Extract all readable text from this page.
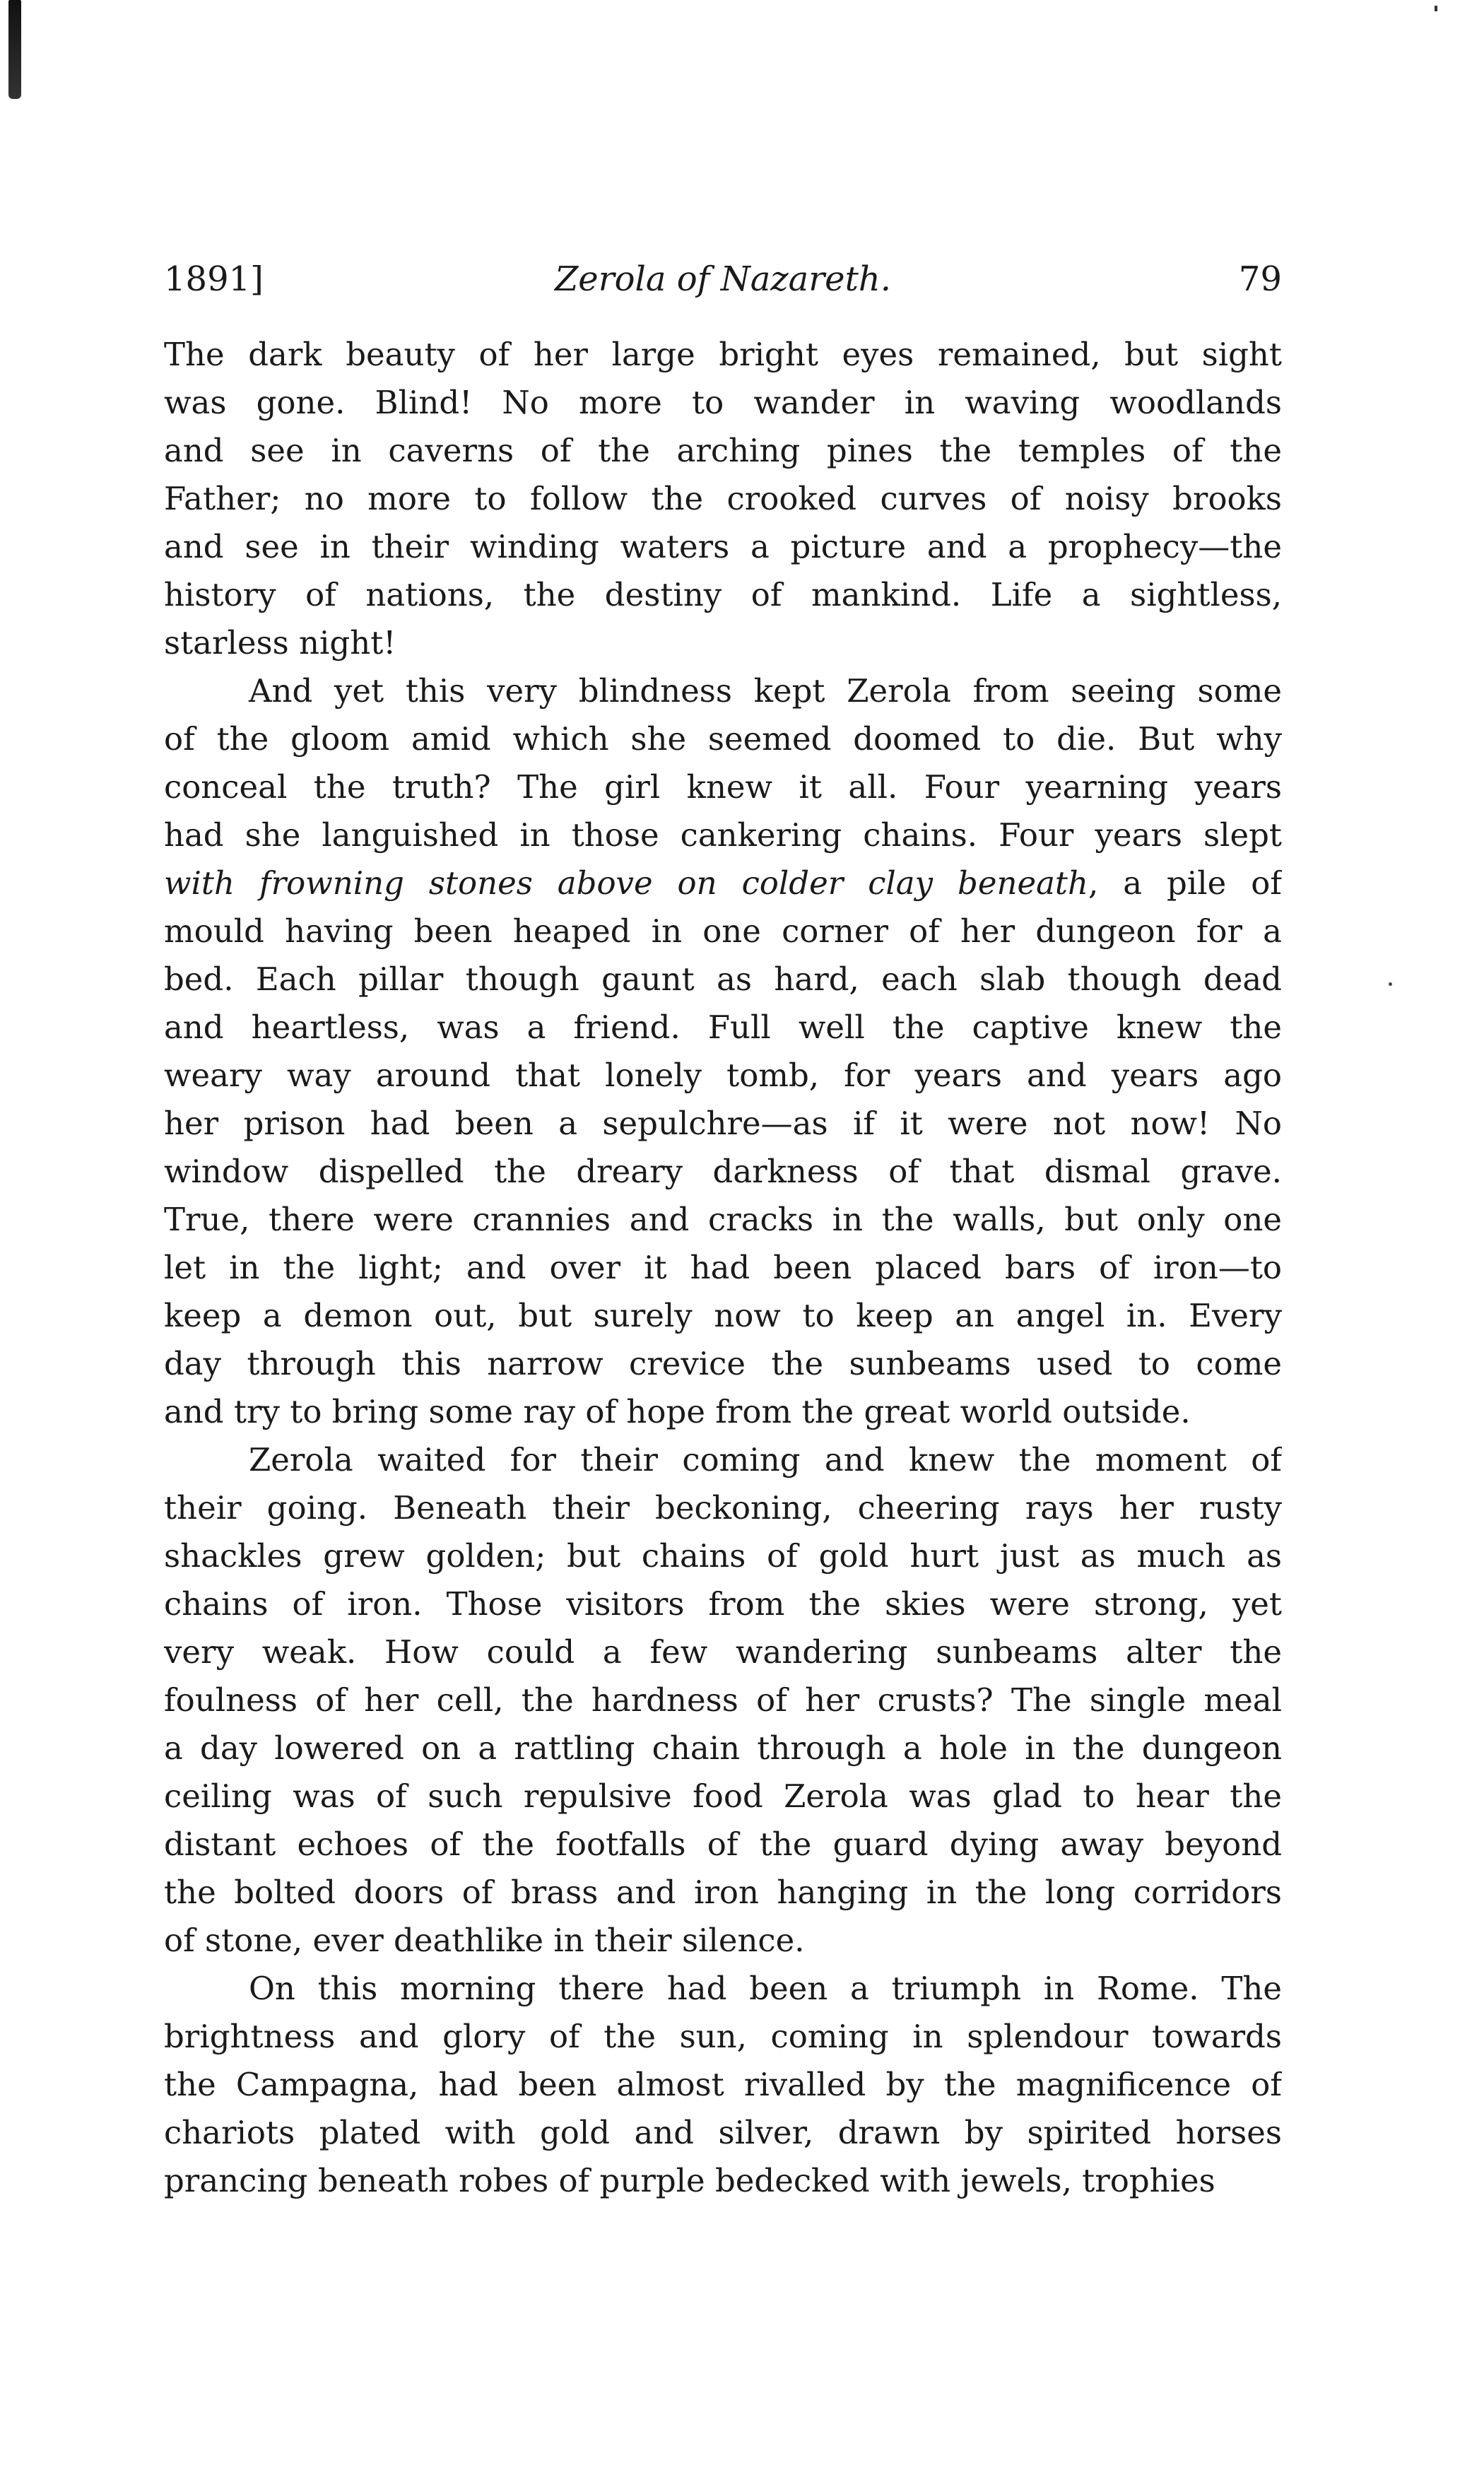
1891]	Zerola of Nazareth.	79
The dark beauty of her large bright eyes remained, but sight
was gone. Blind! No more to wander in waving woodlands
and see in caverns of the arching pines the temples of the
Father; no more to follow the crooked curves of noisy brooks
and see in their winding waters a picture and a prophecy—the
history of nations, the destiny of mankind. Life a sightless,
starless night!
And yet this very blindness kept Zerola from seeing some
of the gloom amid which she seemed doomed to die. But why
conceal the truth? The girl knew it all. Four yearning years
had she languished in those cankering chains. Four years slept
with frowning stones above on colder clay beneath, a pile of
mould having been heaped in one corner of her dungeon for a
bed. Each pillar though gaunt as hard, each slab though dead
and heartless, was a friend. Full well the captive knew the
weary way around that lonely tomb, for years and years ago
her prison had been a sepulchre—as if it were not now! No
window dispelled the dreary darkness of that dismal grave.
True, there were crannies and cracks in the walls, but only one
let in the light; and over it had been placed bars of iron—to
keep a demon out, but surely now to keep an angel in. Every
day through this narrow crevice the sunbeams used to come
and try to bring some ray of hope from the great world outside.
Zerola waited for their coming and knew the moment of
their going. Beneath their beckoning, cheering rays her rusty
shackles grew golden; but chains of gold hurt just as much as
chains of iron. Those visitors from the skies were strong, yet
very weak. How could a few wandering sunbeams alter the
foulness of her cell, the hardness of her crusts? The single meal
a day lowered on a rattling chain through a hole in the dungeon
ceiling was of such repulsive food Zerola was glad to hear the
distant echoes of the footfalls of the guard dying away beyond
the bolted doors of brass and iron hanging in the long corridors
of stone, ever deathlike in their silence.
On this morning there had been a triumph in Rome. The
brightness and glory of the sun, coming in splendour towards
the Campagna, had been almost rivalled by the magnificence of
chariots plated with gold and silver, drawn by spirited horses
prancing beneath robes of purple bedecked with jewels, trophies
